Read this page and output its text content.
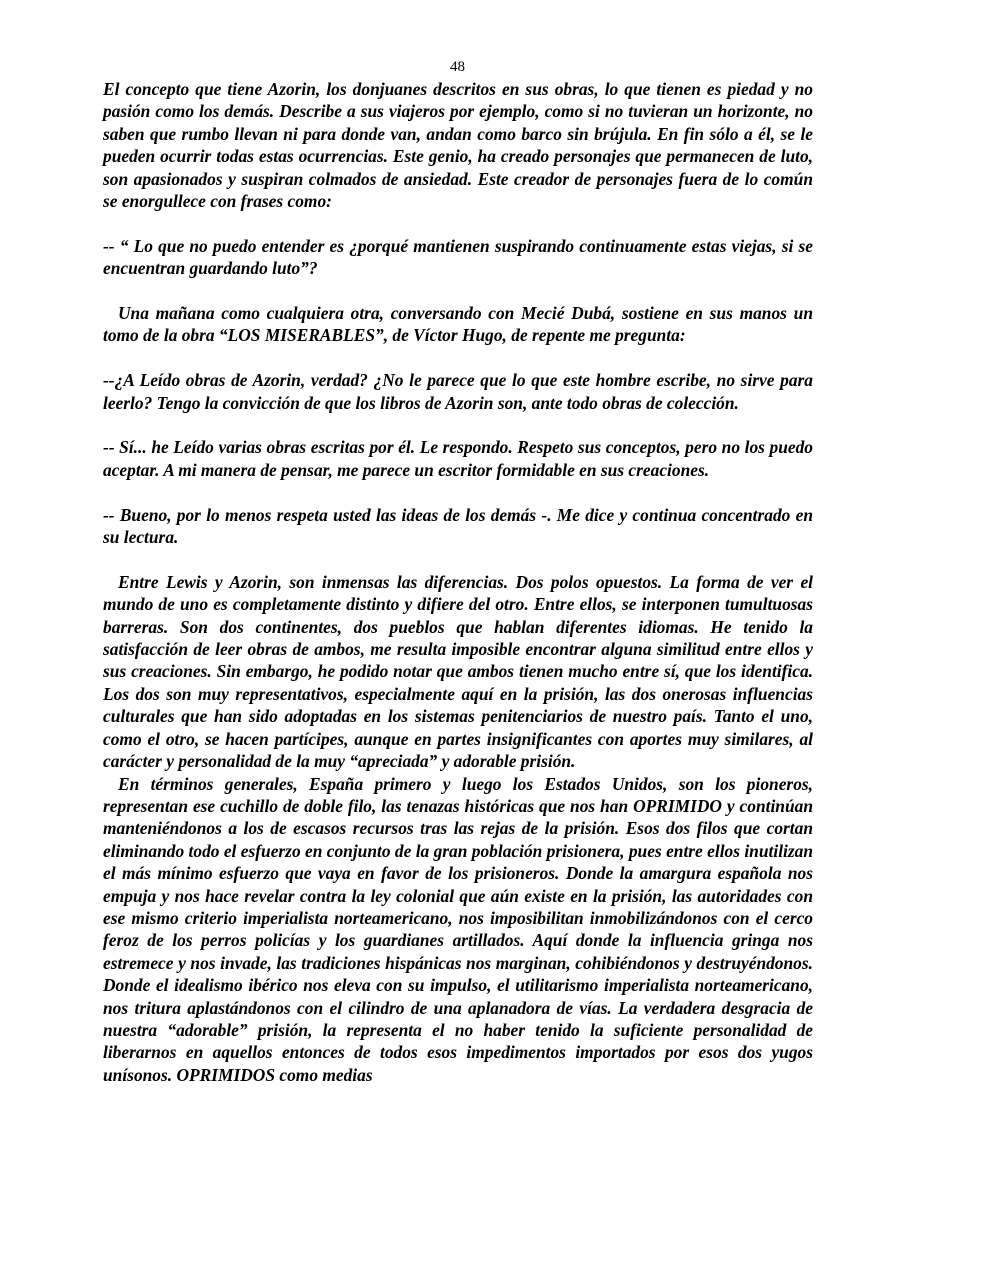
48

El concepto que tiene Azorin, los donjuanes descritos en sus obras, lo que tienen es piedad y no pasión como los demás. Describe a sus viajeros por ejemplo, como si no tuvieran un horizonte, no saben que rumbo llevan ni para donde van, andan como barco sin brújula. En fin sólo a él, se le pueden ocurrir todas estas ocurrencias. Este genio, ha creado personajes que permanecen de luto, son apasionados y suspiran colmados de ansiedad. Este creador de personajes fuera de lo común se enorgullece con frases como:

-- “ Lo que no puedo entender es ¿porqué mantienen suspirando continuamente estas viejas, si se encuentran guardando luto”?

Una mañana como cualquiera otra, conversando con Mecié Dubá, sostiene en sus manos un tomo de la obra “LOS MISERABLES”, de Víctor Hugo, de repente me pregunta:

--¿A Leído obras de Azorin, verdad? ¿No le parece que lo que este hombre escribe, no sirve para leerlo? Tengo la convicción de que los libros de Azorin son, ante todo obras de colección.

-- Sí... he Leído varias obras escritas por él. Le respondo. Respeto sus conceptos, pero no los puedo aceptar. A mi manera de pensar, me parece un escritor formidable en sus creaciones.

-- Bueno, por lo menos respeta usted las ideas de los demás -. Me dice y continua concentrado en su lectura.

Entre Lewis y Azorin, son inmensas las diferencias. Dos polos opuestos. La forma de ver el mundo de uno es completamente distinto y difiere del otro. Entre ellos, se interponen tumultuosas barreras. Son dos continentes, dos pueblos que hablan diferentes idiomas. He tenido la satisfacción de leer obras de ambos, me resulta imposible encontrar alguna similitud entre ellos y sus creaciones. Sin embargo, he podido notar que ambos tienen mucho entre sí, que los identifica. Los dos son muy representativos, especialmente aquí en la prisión, las dos onerosas influencias culturales que han sido adoptadas en los sistemas penitenciarios de nuestro país. Tanto el uno, como el otro, se hacen partícipes, aunque en partes insignificantes con aportes muy similares, al carácter y personalidad de la muy “apreciada” y adorable prisión.

En términos generales, España primero y luego los Estados Unidos, son los pioneros, representan ese cuchillo de doble filo, las tenazas históricas que nos han OPRIMIDO y continúan manteniéndonos a los de escasos recursos tras las rejas de la prisión. Esos dos filos que cortan eliminando todo el esfuerzo en conjunto de la gran población prisionera, pues entre ellos inutilizan el más mínimo esfuerzo que vaya en favor de los prisioneros. Donde la amargura española nos empuja y nos hace revelar contra la ley colonial que aún existe en la prisión, las autoridades con ese mismo criterio imperialista norteamericano, nos imposibilitan inmobilizándonos con el cerco feroz de los perros policías y los guardianes artillados. Aquí donde la influencia gringa nos estremece y nos invade, las tradiciones hispánicas nos marginan, cohibiéndonos y destruyéndonos. Donde el idealismo ibérico nos eleva con su impulso, el utilitarismo imperialista norteamericano, nos tritura aplastándonos con el cilindro de una aplanadora de vías. La verdadera desgracia de nuestra “adorable” prisión, la representa el no haber tenido la suficiente personalidad de liberarnos en aquellos entonces de todos esos impedimentos importados por esos dos yugos unísonos. OPRIMIDOS como medias
